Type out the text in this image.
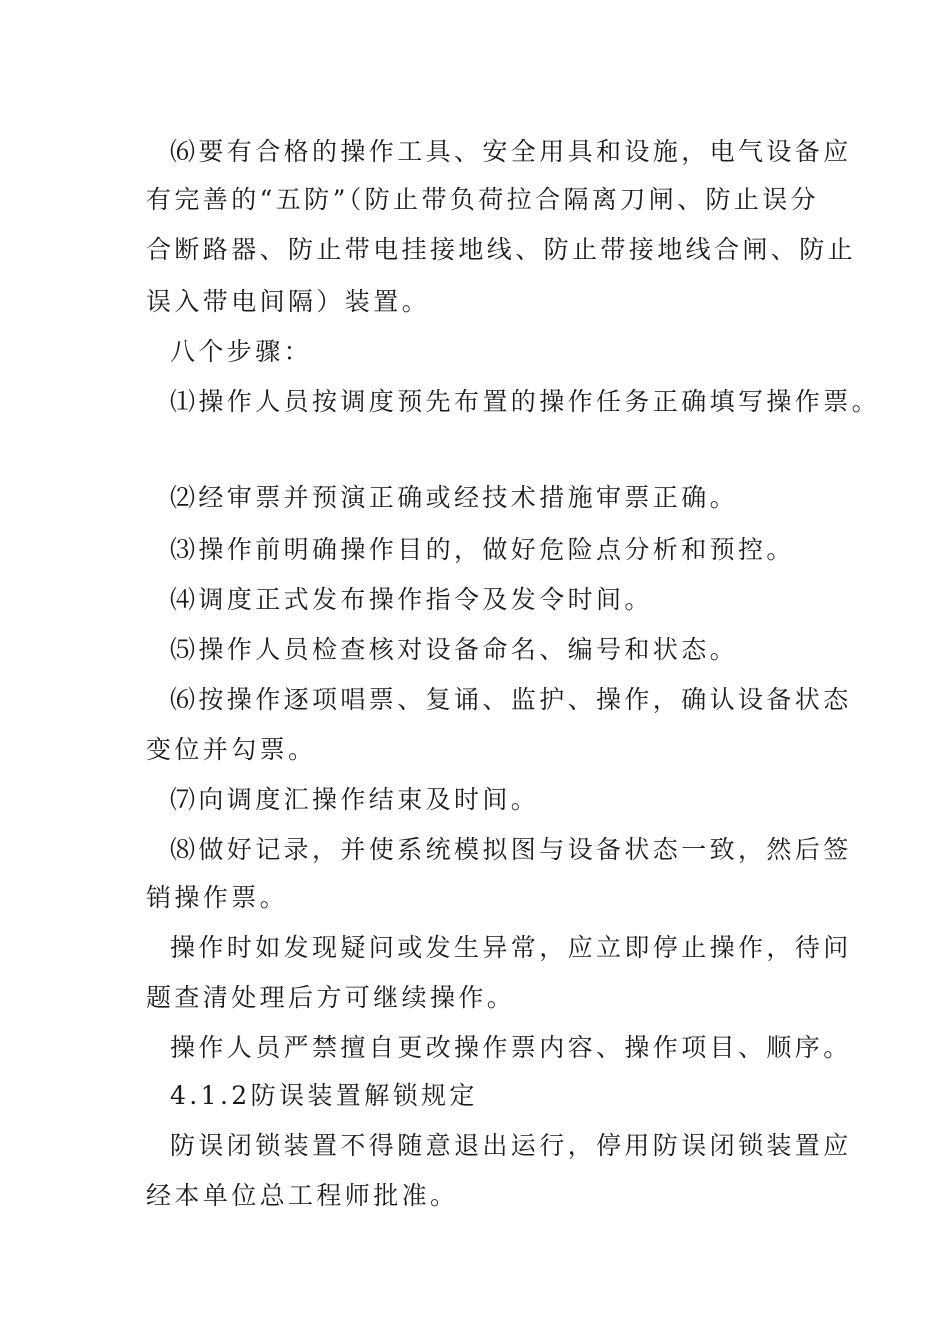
⑹要有合格的操作工具、安全用具和设施，电气设备应
有完善的“五防”（防止带负荷拉合隔离刀闸、防止误分
合断路器、防止带电挂接地线、防止带接地线合闸、防止
误入带电间隔）装置。
八个步骤：
⑴操作人员按调度预先布置的操作任务正确填写操作票。
⑵经审票并预演正确或经技术措施审票正确。
⑶操作前明确操作目的，做好危险点分析和预控。
⑷调度正式发布操作指令及发令时间。
⑸操作人员检查核对设备命名、编号和状态。
⑹按操作逐项唱票、复诵、监护、操作，确认设备状态
变位并勾票。
⑺向调度汇操作结束及时间。
⑻做好记录，并使系统模拟图与设备状态一致，然后签
销操作票。
操作时如发现疑问或发生异常，应立即停止操作，待问
题查清处理后方可继续操作。
操作人员严禁擅自更改操作票内容、操作项目、顺序。
4.1.2防误装置解锁规定
防误闭锁装置不得随意退出运行，停用防误闭锁装置应
经本单位总工程师批准。
